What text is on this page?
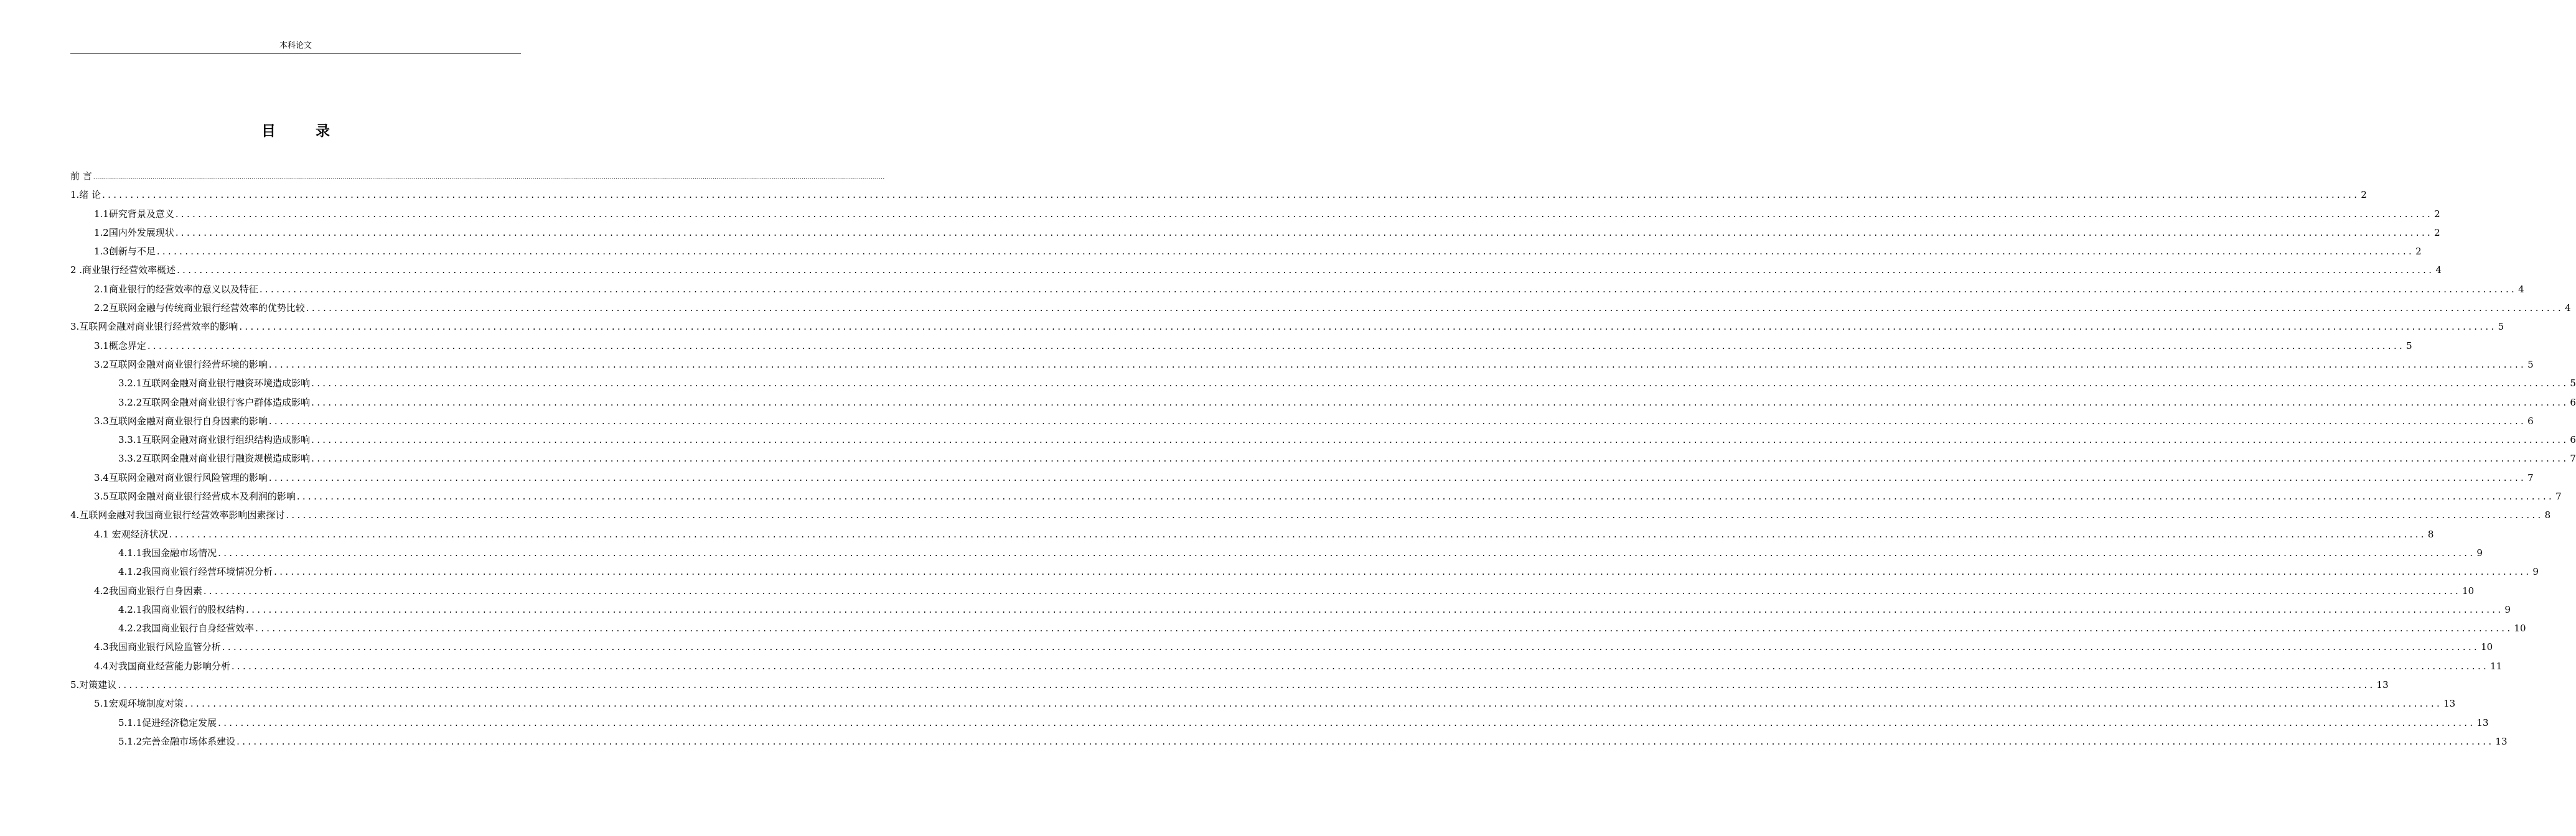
本科论文
目 录
前 言 ................................................................................................................................................................................................................................................................................................................................................................................................................
1.绪 论 ................................................................................................................................................................................................................................................................................................................................................................................................................ 2
1.1研究背景及意义 ................................................................................................................................................................................................................................................................................................................................................................................................................ 2
1.2国内外发展现状 ................................................................................................................................................................................................................................................................................................................................................................................................................ 2
1.3创新与不足 ................................................................................................................................................................................................................................................................................................................................................................................................................ 2
2 .商业银行经营效率概述 ................................................................................................................................................................................................................................................................................................................................................................................................................ 4
2.1商业银行的经营效率的意义以及特征 ................................................................................................................................................................................................................................................................................................................................................................................................................ 4
2.2互联网金融与传统商业银行经营效率的优势比较 ................................................................................................................................................................................................................................................................................................................................................................................................................ 4
3.互联网金融对商业银行经营效率的影响 ................................................................................................................................................................................................................................................................................................................................................................................................................ 5
3.1概念界定 ................................................................................................................................................................................................................................................................................................................................................................................................................ 5
3.2互联网金融对商业银行经营环境的影响 ................................................................................................................................................................................................................................................................................................................................................................................................................ 5
3.2.1互联网金融对商业银行融资环境造成影响 ................................................................................................................................................................................................................................................................................................................................................................................................................ 5
3.2.2互联网金融对商业银行客户群体造成影响 ................................................................................................................................................................................................................................................................................................................................................................................................................ 6
3.3互联网金融对商业银行自身因素的影响 ................................................................................................................................................................................................................................................................................................................................................................................................................ 6
3.3.1互联网金融对商业银行组织结构造成影响 ................................................................................................................................................................................................................................................................................................................................................................................................................ 6
3.3.2互联网金融对商业银行融资规模造成影响 ................................................................................................................................................................................................................................................................................................................................................................................................................ 7
3.4互联网金融对商业银行风险管理的影响 ................................................................................................................................................................................................................................................................................................................................................................................................................ 7
3.5互联网金融对商业银行经营成本及利润的影响 ................................................................................................................................................................................................................................................................................................................................................................................................................ 7
4.互联网金融对我国商业银行经营效率影响因素探讨 ................................................................................................................................................................................................................................................................................................................................................................................................................ 8
4.1 宏观经济状况 ................................................................................................................................................................................................................................................................................................................................................................................................................ 8
4.1.1我国金融市场情况 ................................................................................................................................................................................................................................................................................................................................................................................................................ 9
4.1.2我国商业银行经营环境情况分析 ................................................................................................................................................................................................................................................................................................................................................................................................................ 9
4.2我国商业银行自身因素 ................................................................................................................................................................................................................................................................................................................................................................................................................ 10
4.2.1我国商业银行的股权结构 ................................................................................................................................................................................................................................................................................................................................................................................................................ 9
4.2.2我国商业银行自身经营效率 ................................................................................................................................................................................................................................................................................................................................................................................................................ 10
4.3我国商业银行风险监管分析 ................................................................................................................................................................................................................................................................................................................................................................................................................ 10
4.4对我国商业经营能力影响分析 ................................................................................................................................................................................................................................................................................................................................................................................................................ 11
5.对策建议 ................................................................................................................................................................................................................................................................................................................................................................................................................ 13
5.1宏观环境制度对策 ................................................................................................................................................................................................................................................................................................................................................................................................................ 13
5.1.1促进经济稳定发展 ................................................................................................................................................................................................................................................................................................................................................................................................................ 13
5.1.2完善金融市场体系建设 ................................................................................................................................................................................................................................................................................................................................................................................................................ 13
